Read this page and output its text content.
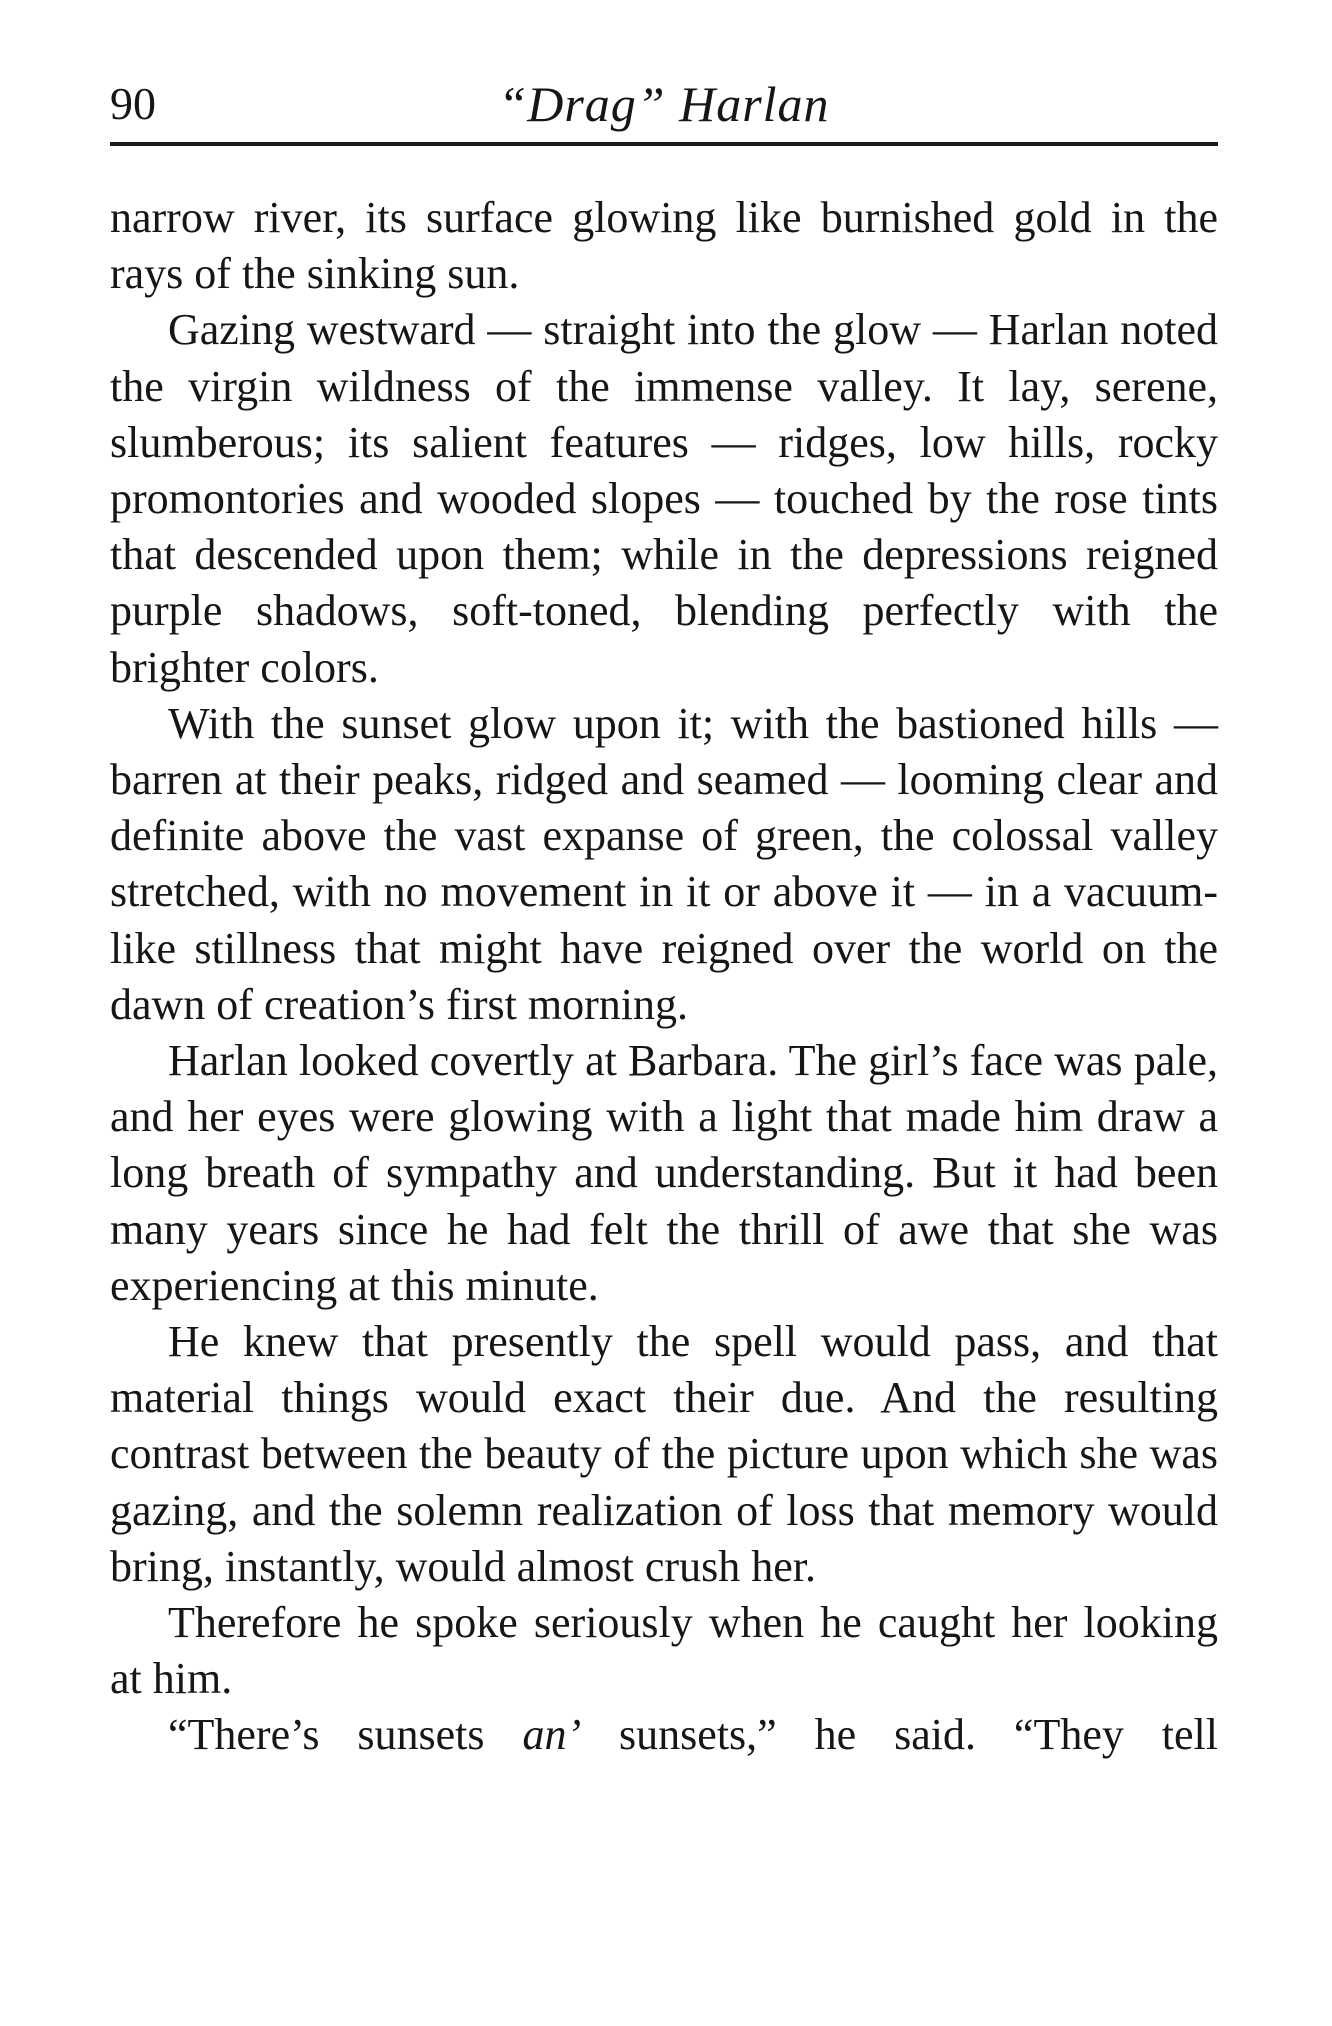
90	“Drag” Harlan

narrow river, its surface glowing like burnished gold in the rays of the sinking sun.

Gazing westward — straight into the glow — Harlan noted the virgin wildness of the immense valley. It lay, serene, slumberous; its salient features — ridges, low hills, rocky promontories and wooded slopes — touched by the rose tints that descended upon them; while in the depressions reigned purple shadows, soft-toned, blending perfectly with the brighter colors.

With the sunset glow upon it; with the bastioned hills — barren at their peaks, ridged and seamed — looming clear and definite above the vast expanse of green, the colossal valley stretched, with no movement in it or above it — in a vacuum-like stillness that might have reigned over the world on the dawn of creation’s first morning.

Harlan looked covertly at Barbara. The girl’s face was pale, and her eyes were glowing with a light that made him draw a long breath of sympathy and understanding. But it had been many years since he had felt the thrill of awe that she was experiencing at this minute.

He knew that presently the spell would pass, and that material things would exact their due. And the resulting contrast between the beauty of the picture upon which she was gazing, and the solemn realization of loss that memory would bring, instantly, would almost crush her.

Therefore he spoke seriously when he caught her looking at him.

“There’s sunsets an’ sunsets,” he said. “They tell
